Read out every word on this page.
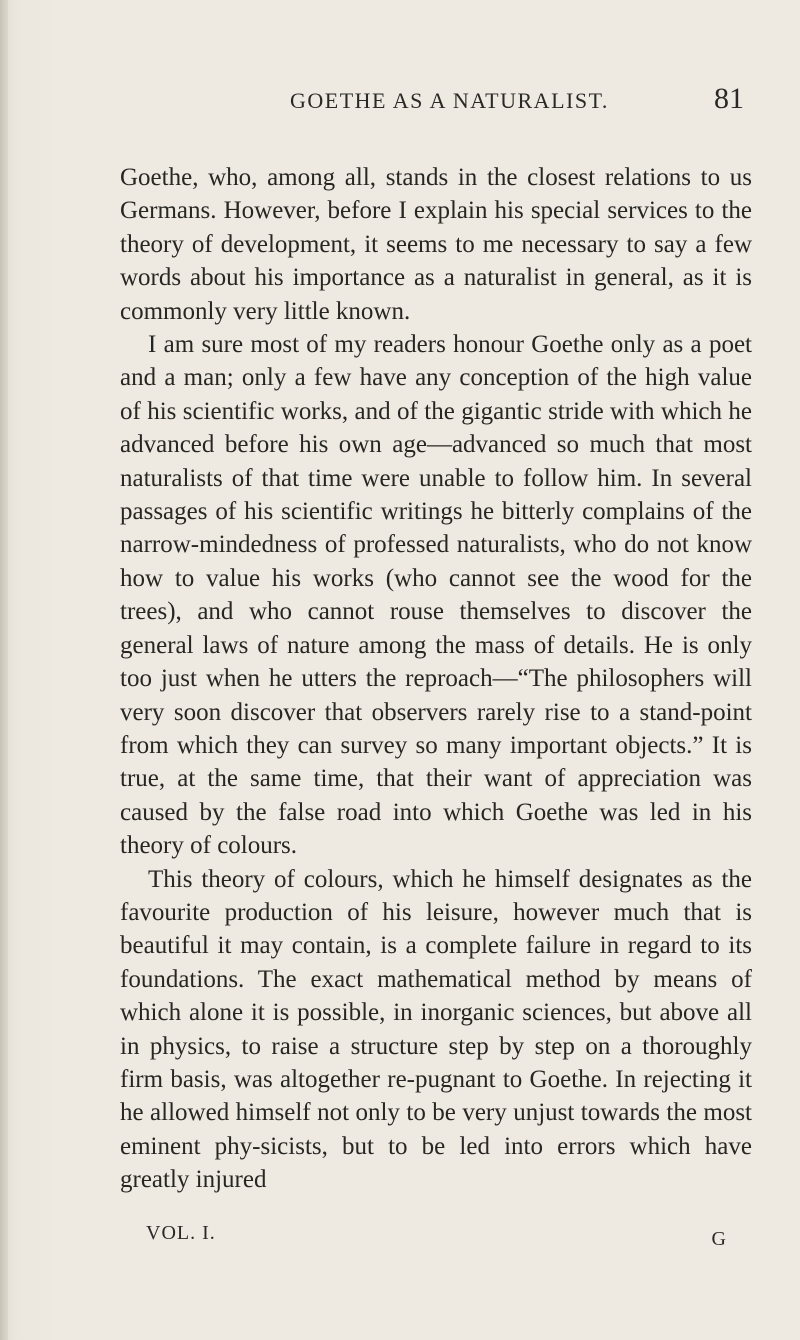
GOETHE AS A NATURALIST.	81

Goethe, who, among all, stands in the closest relations to us Germans. However, before I explain his special services to the theory of development, it seems to me necessary to say a few words about his importance as a naturalist in general, as it is commonly very little known.

I am sure most of my readers honour Goethe only as a poet and a man; only a few have any conception of the high value of his scientific works, and of the gigantic stride with which he advanced before his own age—advanced so much that most naturalists of that time were unable to follow him. In several passages of his scientific writings he bitterly complains of the narrow-mindedness of professed naturalists, who do not know how to value his works (who cannot see the wood for the trees), and who cannot rouse themselves to discover the general laws of nature among the mass of details. He is only too just when he utters the reproach—“The philosophers will very soon discover that observers rarely rise to a stand-point from which they can survey so many important objects.” It is true, at the same time, that their want of appreciation was caused by the false road into which Goethe was led in his theory of colours.

This theory of colours, which he himself designates as the favourite production of his leisure, however much that is beautiful it may contain, is a complete failure in regard to its foundations. The exact mathematical method by means of which alone it is possible, in inorganic sciences, but above all in physics, to raise a structure step by step on a thoroughly firm basis, was altogether re-pugnant to Goethe. In rejecting it he allowed himself not only to be very unjust towards the most eminent phy-sicists, but to be led into errors which have greatly injured

VOL. I.	G
